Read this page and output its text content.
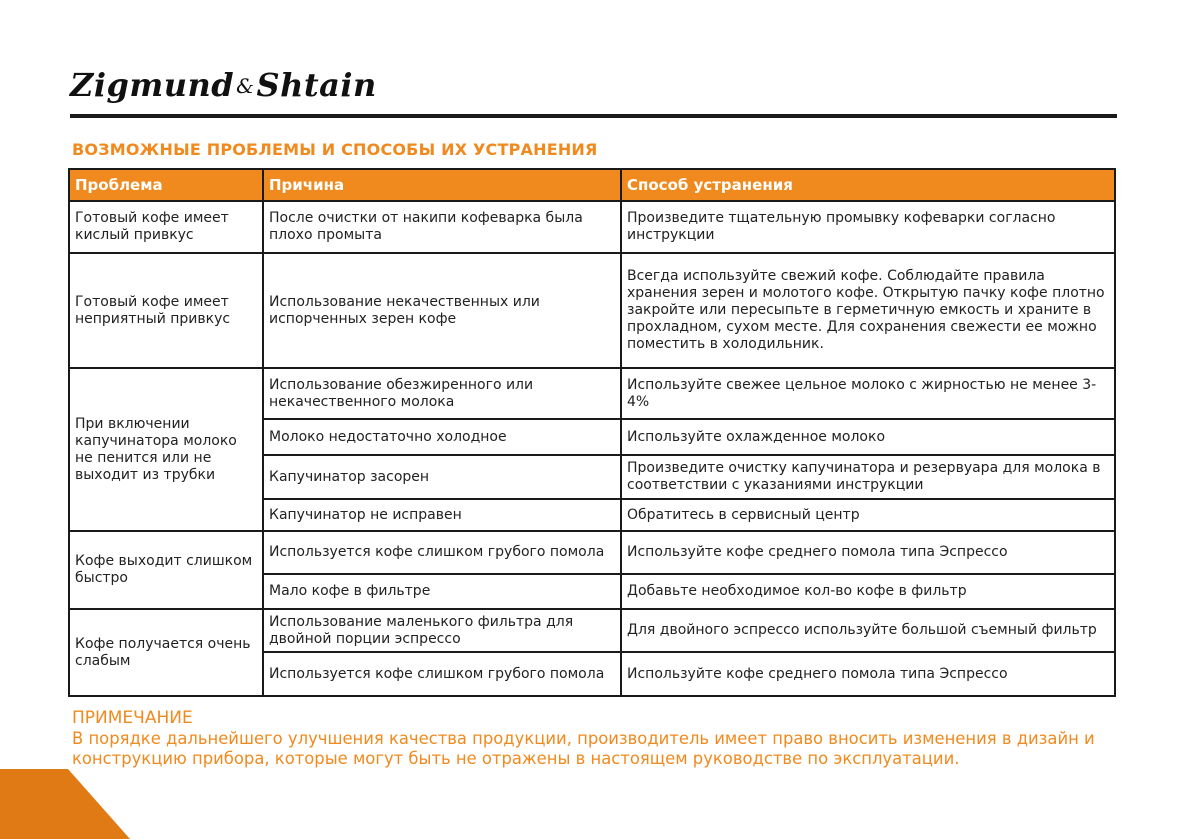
Zigmund &Shtain
ВОЗМОЖНЫЕ ПРОБЛЕМЫ И СПОСОБЫ ИХ УСТРАНЕНИЯ
Проблема	Причина	Способ устранения
Готовый кофе имеет кислый привкус	После очистки от накипи кофеварка была плохо промыта	Произведите тщательную промывку кофеварки согласно инструкции
Готовый кофе имеет неприятный привкус	Использование некачественных или испорченных зерен кофе	Всегда используйте свежий кофе. Соблюдайте правила хранения зерен и молотого кофе. Открытую пачку кофе плотно закройте или пересыпьте в герметичную емкость и храните в прохладном, сухом месте. Для сохранения свежести ее можно поместить в холодильник.
При включении капучинатора молоко не пенится или не выходит из трубки	Использование обезжиренного или некачественного молока	Используйте свежее цельное молоко с жирностью не менее 3-4%
	Молоко недостаточно холодное	Используйте охлажденное молоко
	Капучинатор засорен	Произведите очистку капучинатора и резервуара для молока в соответствии с указаниями инструкции
	Капучинатор не исправен	Обратитесь в сервисный центр
Кофе выходит слишком быстро	Используется кофе слишком грубого помола	Используйте кофе среднего помола типа Эспрессо
	Мало кофе в фильтре	Добавьте необходимое кол-во кофе в фильтр
Кофе получается очень слабым	Использование маленького фильтра для двойной порции эспрессо	Для двойного эспрессо используйте большой съемный фильтр
	Используется кофе слишком грубого помола	Используйте кофе среднего помола типа Эспрессо
ПРИМЕЧАНИЕ
В порядке дальнейшего улучшения качества продукции, производитель имеет право вносить изменения в дизайн и конструкцию прибора, которые могут быть не отражены в настоящем руководстве по эксплуатации.
